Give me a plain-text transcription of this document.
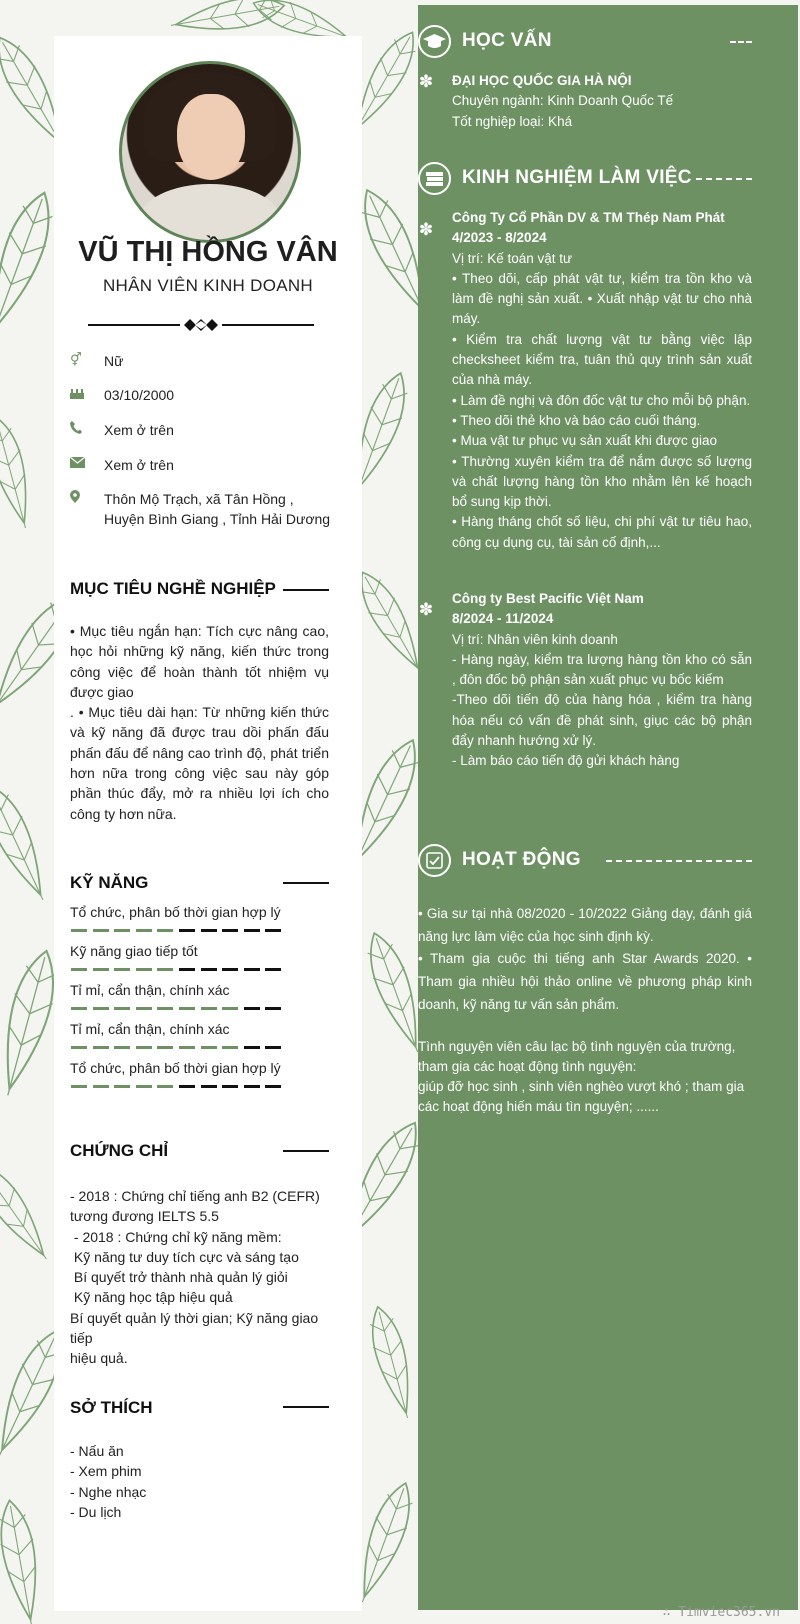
VŨ THỊ HỒNG VÂN
NHÂN VIÊN KINH DOANH
⚥	Nữ
03/10/2000
Xem ở trên
Xem ở trên
Thôn Mộ Trạch, xã Tân Hồng ,
Huyện Bình Giang , Tỉnh Hải Dương
MỤC TIÊU NGHỀ NGHIỆP
• Mục tiêu ngắn hạn: Tích cực nâng cao, học hỏi những kỹ năng, kiến thức trong công việc để hoàn thành tốt nhiệm vụ được giao
. • Mục tiêu dài hạn: Từ những kiến thức và kỹ năng đã được trau dồi phấn đấu phấn đấu để nâng cao trình độ, phát triển hơn nữa trong công việc sau này góp phần thúc đẩy, mở ra nhiều lợi ích cho công ty hơn nữa.
KỸ NĂNG
Tổ chức, phân bố thời gian hợp lý
Kỹ năng giao tiếp tốt
Tỉ mỉ, cẩn thận, chính xác
Tỉ mỉ, cẩn thận, chính xác
Tổ chức, phân bố thời gian hợp lý
CHỨNG CHỈ
- 2018 : Chứng chỉ tiếng anh B2 (CEFR)
tương đương IELTS 5.5
- 2018 : Chứng chỉ kỹ năng mềm:
Kỹ năng tư duy tích cực và sáng tạo
Bí quyết trở thành nhà quản lý giỏi
Kỹ năng học tập hiệu quả
Bí quyết quản lý thời gian; Kỹ năng giao tiếp
hiệu quả.
SỞ THÍCH
- Nấu ăn
- Xem phim
- Nghe nhạc
- Du lịch
HỌC VẤN
✽ ĐẠI HỌC QUỐC GIA HÀ NỘI
Chuyên ngành: Kinh Doanh Quốc Tế
Tốt nghiệp loại: Khá
KINH NGHIỆM LÀM VIỆC
✽
Công Ty Cổ Phần DV & TM Thép Nam Phát
4/2023 - 8/2024
Vị trí: Kế toán vật tư
• Theo dõi, cấp phát vật tư, kiểm tra tồn kho và làm đề nghị sản xuất. • Xuất nhập vật tư cho nhà máy.
• Kiểm tra chất lượng vật tư bằng việc lập checksheet kiểm tra, tuân thủ quy trình sản xuất của nhà máy.
• Làm đề nghị và đôn đốc vật tư cho mỗi bộ phận.
• Theo dõi thẻ kho và báo cáo cuối tháng.
• Mua vật tư phục vụ sản xuất khi được giao
• Thường xuyên kiểm tra để nắm được số lượng và chất lượng hàng tồn kho nhằm lên kế hoạch bổ sung kịp thời.
• Hàng tháng chốt số liệu, chi phí vật tư tiêu hao, công cụ dụng cụ, tài sản cố định,...
✽
Công ty Best Pacific Việt Nam
8/2024 - 11/2024
Vị trí: Nhân viên kinh doanh
- Hàng ngày, kiểm tra lượng hàng tồn kho có sẵn , đôn đốc bộ phận sản xuất phục vụ bốc kiếm
-Theo dõi tiến độ của hàng hóa , kiểm tra hàng hóa nếu có vấn đề phát sinh, giục các bộ phận đẩy nhanh hướng xử lý.
- Làm báo cáo tiến độ gửi khách hàng
HOẠT ĐỘNG
• Gia sư tại nhà 08/2020 - 10/2022 Giảng dạy, đánh giá năng lực làm việc của học sinh định kỳ.
• Tham gia cuộc thi tiếng anh Star Awards 2020. • Tham gia nhiều hội thảo online về phương pháp kinh doanh, kỹ năng tư vấn sản phẩm.
Tình nguyện viên câu lạc bộ tình nguyện của trường, tham gia các hoạt động tình nguyện:
giúp đỡ học sinh , sinh viên nghèo vượt khó ; tham gia các hoạt động hiến máu tìn nguyện; ......
∴ Timviec365.vn
